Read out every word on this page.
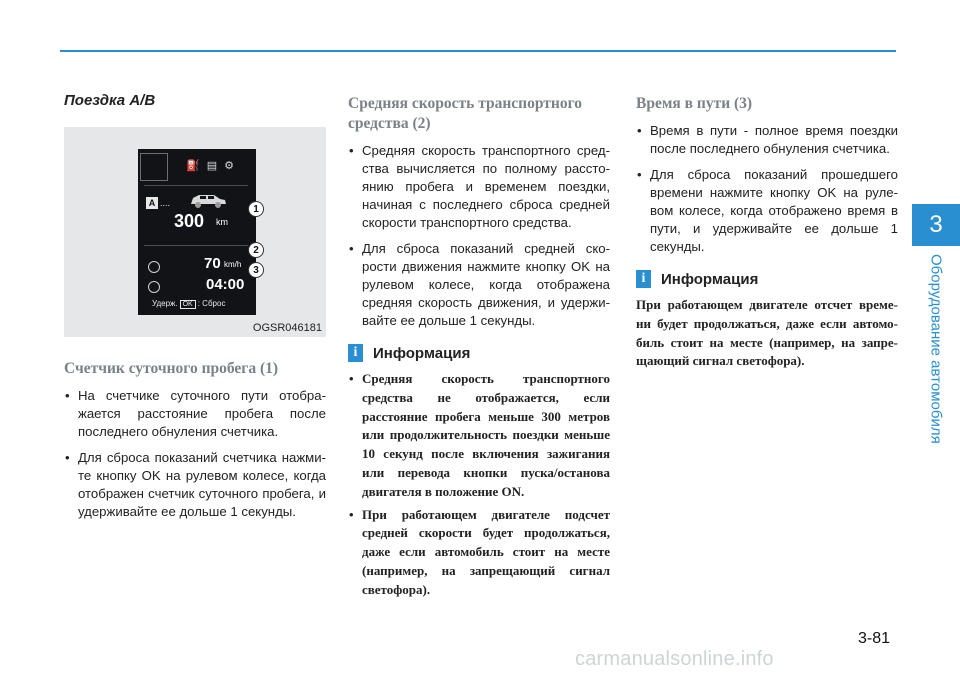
3
Оборудование автомобиля
Поездка A/B
⛽ ▤ ⚙
A ....
300 km
70 km/h
04:00
Удерж. OK : Сброс
1
2
3
OGSR046181
Счетчик суточного пробега (1)
• На счетчике суточного пути отобра-жается расстояние пробега после последнего обнуления счетчика.
• Для сброса показаний счетчика нажми-те кнопку OK на рулевом колесе, когда отображен счетчик суточного пробега, и удерживайте ее дольше 1 секунды.
Средняя скорость транспортного средства (2)
• Средняя скорость транспортного сред-ства вычисляется по полному рассто-янию пробега и временем поездки, начиная с последнего сброса средней скорости транспортного средства.
• Для сброса показаний средней ско-рости движения нажмите кнопку OK на рулевом колесе, когда отображена средняя скорость движения, и удержи-вайте ее дольше 1 секунды.
i	Информация
• Средняя скорость транспортного средства не отображается, если расстояние пробега меньше 300 метров или продолжительность поездки меньше 10 секунд после включения зажигания или перевода кнопки пуска/останова двигателя в положение ON.
• При работающем двигателе подсчет средней скорости будет продолжаться, даже если автомобиль стоит на месте (например, на запрещающий сигнал светофора).
Время в пути (3)
• Время в пути - полное время поездки после последнего обнуления счетчика.
• Для сброса показаний прошедшего времени нажмите кнопку OK на руле-вом колесе, когда отображено время в пути, и удерживайте ее дольше 1 секунды.
i	Информация

При работающем двигателе отсчет време-ни будет продолжаться, даже если автомо-биль стоит на месте (например, на запре-щающий сигнал светофора).

3-81
carmanualsonline.info
